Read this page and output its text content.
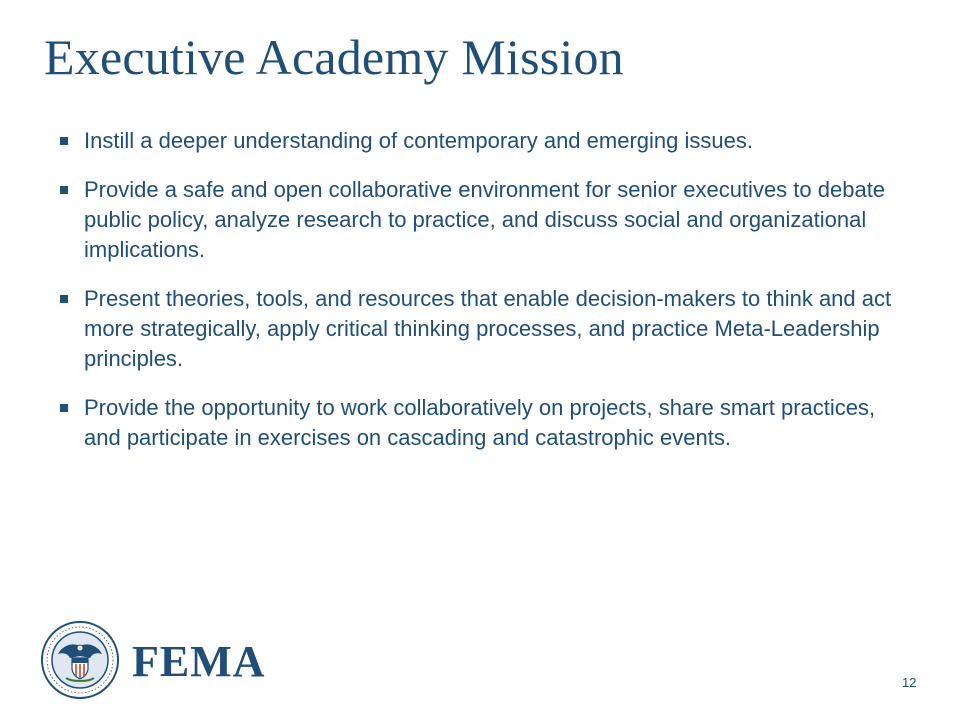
Executive Academy Mission
Instill a deeper understanding of contemporary and emerging issues.
Provide a safe and open collaborative environment for senior executives to debate public policy, analyze research to practice, and discuss social and organizational implications.
Present theories, tools, and resources that enable decision-makers to think and act more strategically, apply critical thinking processes, and practice Meta-Leadership principles.
Provide the opportunity to work collaboratively on projects, share smart practices, and participate in exercises on cascading and catastrophic events.
FEMA	12
